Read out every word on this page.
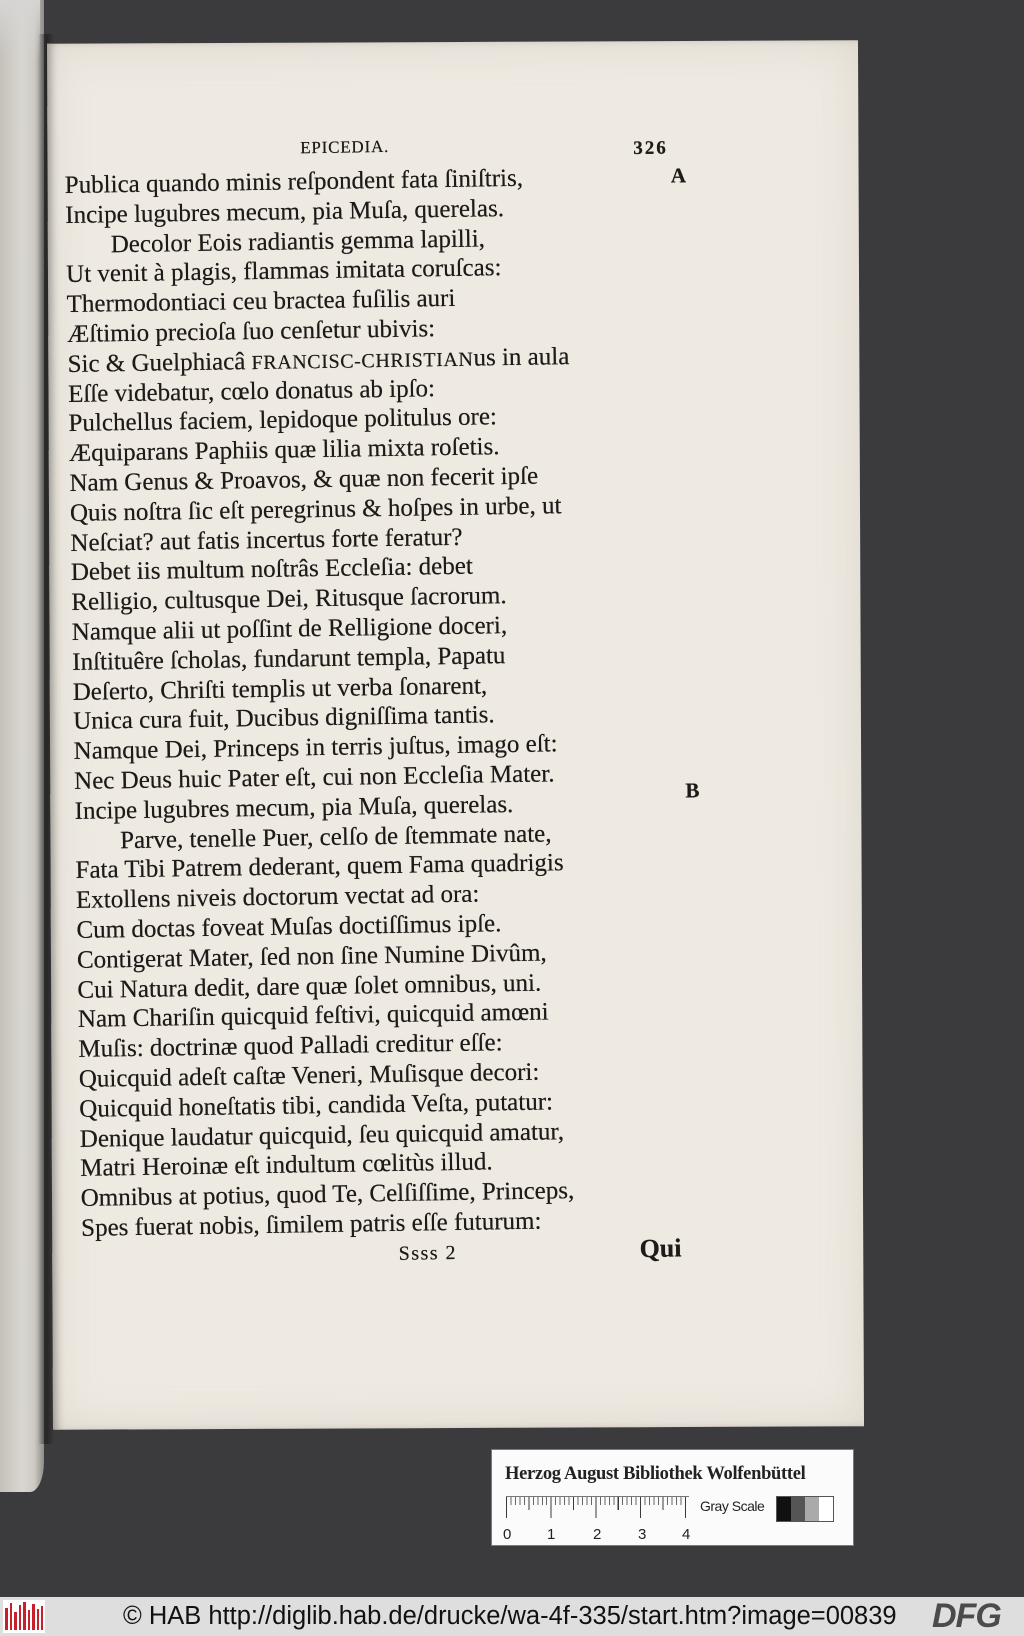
EPICEDIA.	326
A
B
Publica quando minis reſpondent fata ſiniſtris,
Incipe lugubres mecum, pia Muſa, querelas.
Decolor Eois radiantis gemma lapilli,
Ut venit à plagis, flammas imitata coruſcas:
Thermodontiaci ceu bractea fuſilis auri
Æſtimio precioſa ſuo cenſetur ubivis:
Sic & Guelphiacâ FRANCISC-CHRISTIANus in aula
Eſſe videbatur, cœlo donatus ab ipſo:
Pulchellus faciem, lepidoque politulus ore:
Æquiparans Paphiis quæ lilia mixta roſetis.
Nam Genus & Proavos, & quæ non fecerit ipſe
Quis noſtra ſic eſt peregrinus & hoſpes in urbe, ut
Neſciat? aut fatis incertus forte feratur?
Debet iis multum noſtrâs Eccleſia: debet
Relligio, cultusque Dei, Ritusque ſacrorum.
Namque alii ut poſſint de Relligione doceri,
Inſtituêre ſcholas, fundarunt templa, Papatu
Deſerto, Chriſti templis ut verba ſonarent,
Unica cura fuit, Ducibus digniſſima tantis.
Namque Dei, Princeps in terris juſtus, imago eſt:
Nec Deus huic Pater eſt, cui non Eccleſia Mater.
Incipe lugubres mecum, pia Muſa, querelas.
Parve, tenelle Puer, celſo de ſtemmate nate,
Fata Tibi Patrem dederant, quem Fama quadrigis
Extollens niveis doctorum vectat ad ora:
Cum doctas foveat Muſas doctiſſimus ipſe.
Contigerat Mater, ſed non ſine Numine Divûm,
Cui Natura dedit, dare quæ ſolet omnibus, uni.
Nam Chariſin quicquid feſtivi, quicquid amœni
Muſis: doctrinæ quod Palladi creditur eſſe:
Quicquid adeſt caſtæ Veneri, Muſisque decori:
Quicquid honeſtatis tibi, candida Veſta, putatur:
Denique laudatur quicquid, ſeu quicquid amatur,
Matri Heroinæ eſt indultum cœlitùs illud.
Omnibus at potius, quod Te, Celſiſſime, Princeps,
Spes fuerat nobis, ſimilem patris eſſe futurum:
Ssss 2	Qui
Herzog August Bibliothek Wolfenbüttel
0 1	2 3 4
Gray Scale
© HAB http://diglib.hab.de/drucke/wa-4f-335/start.htm?image=00839 DFG
